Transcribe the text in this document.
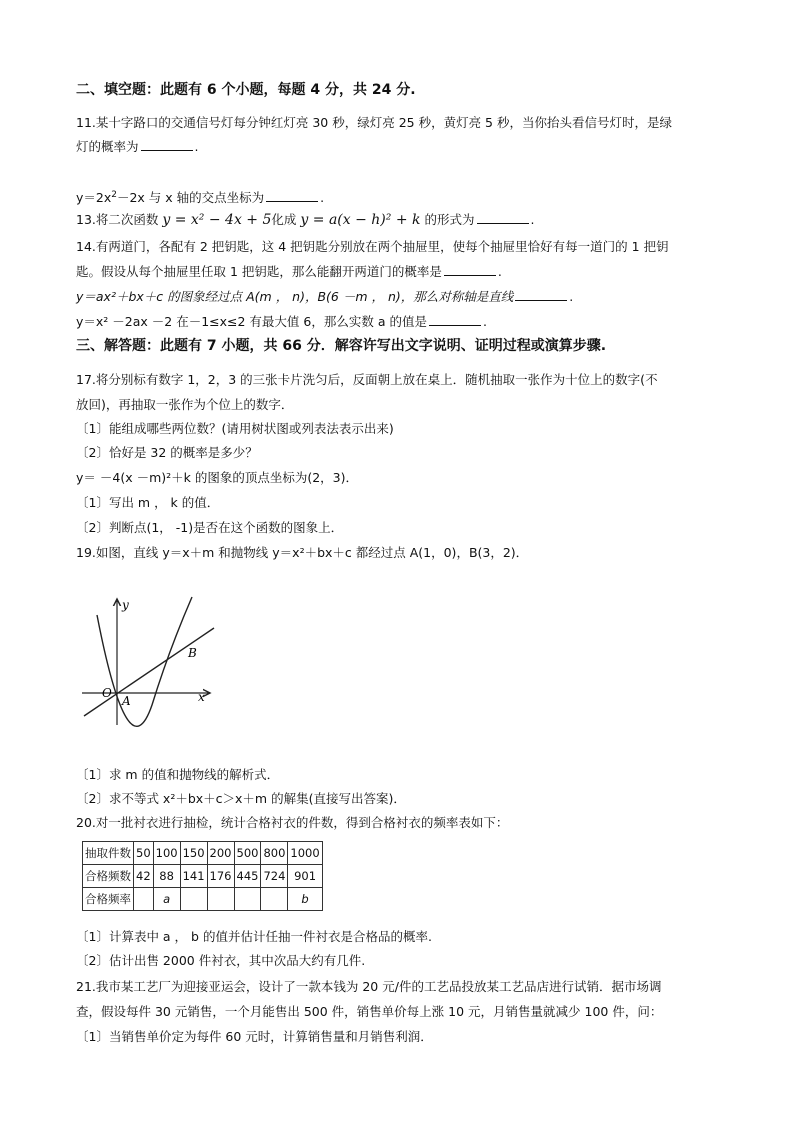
二、填空题：此题有 6 个小题，每题 4 分，共 24 分.
11.某十字路口的交通信号灯每分钟红灯亮 30 秒，绿灯亮 25 秒，黄灯亮 5 秒，当你抬头看信号灯时，是绿
灯的概率为	.
$y=2x^2-2x$ 与 x 轴的交点坐标为	.
13.将二次函数 y = x² − 4x + 5化成 y = a(x − h)² + k 的形式为	.
14.有两道门，各配有 2 把钥匙，这 4 把钥匙分别放在两个抽屉里，使每个抽屉里恰好有每一道门的 1 把钥
匙。假设从每个抽屉里任取 1 把钥匙，那么能翻开两道门的概率是	.
y＝ax²＋bx＋c 的图象经过点 A(m ， n)，B(6 －m ， n)，那么对称轴是直线	.
y＝x² －2ax －2 在－1≤x≤2 有最大值 6，那么实数 a 的值是	.
三、解答题：此题有 7 小题，共 66 分．解容许写出文字说明、证明过程或演算步骤.
17.将分别标有数字 1，2，3 的三张卡片洗匀后，反面朝上放在桌上．随机抽取一张作为十位上的数字(不
放回)，再抽取一张作为个位上的数字．
〔1〕能组成哪些两位数？(请用树状图或列表法表示出来)
〔2〕恰好是 32 的概率是多少？
y＝ －4(x －m)²＋k 的图象的顶点坐标为(2，3)．
〔1〕写出 m ， k 的值．
〔2〕判断点(1， -1)是否在这个函数的图象上．
19.如图，直线 y＝x＋m 和抛物线 y＝x²＋bx＋c 都经过点 A(1，0)，B(3，2)．
y
x
O
A
B
〔1〕求 m 的值和抛物线的解析式．
〔2〕求不等式 x²＋bx＋c＞x＋m 的解集(直接写出答案)．
20.对一批衬衣进行抽检，统计合格衬衣的件数，得到合格衬衣的频率表如下：
抽取件数	50	100	150	200	500	800	1000
合格频数	42	88	141	176	445	724	901
合格频率		a					b
〔1〕计算表中 a ， b 的值并估计任抽一件衬衣是合格品的概率.
〔2〕估计出售 2000 件衬衣，其中次品大约有几件.
21.我市某工艺厂为迎接亚运会，设计了一款本钱为 20 元/件的工艺品投放某工艺品店进行试销．据市场调
查，假设每件 30 元销售，一个月能售出 500 件，销售单价每上涨 10 元，月销售量就减少 100 件，问：
〔1〕当销售单价定为每件 60 元时，计算销售量和月销售利润．
